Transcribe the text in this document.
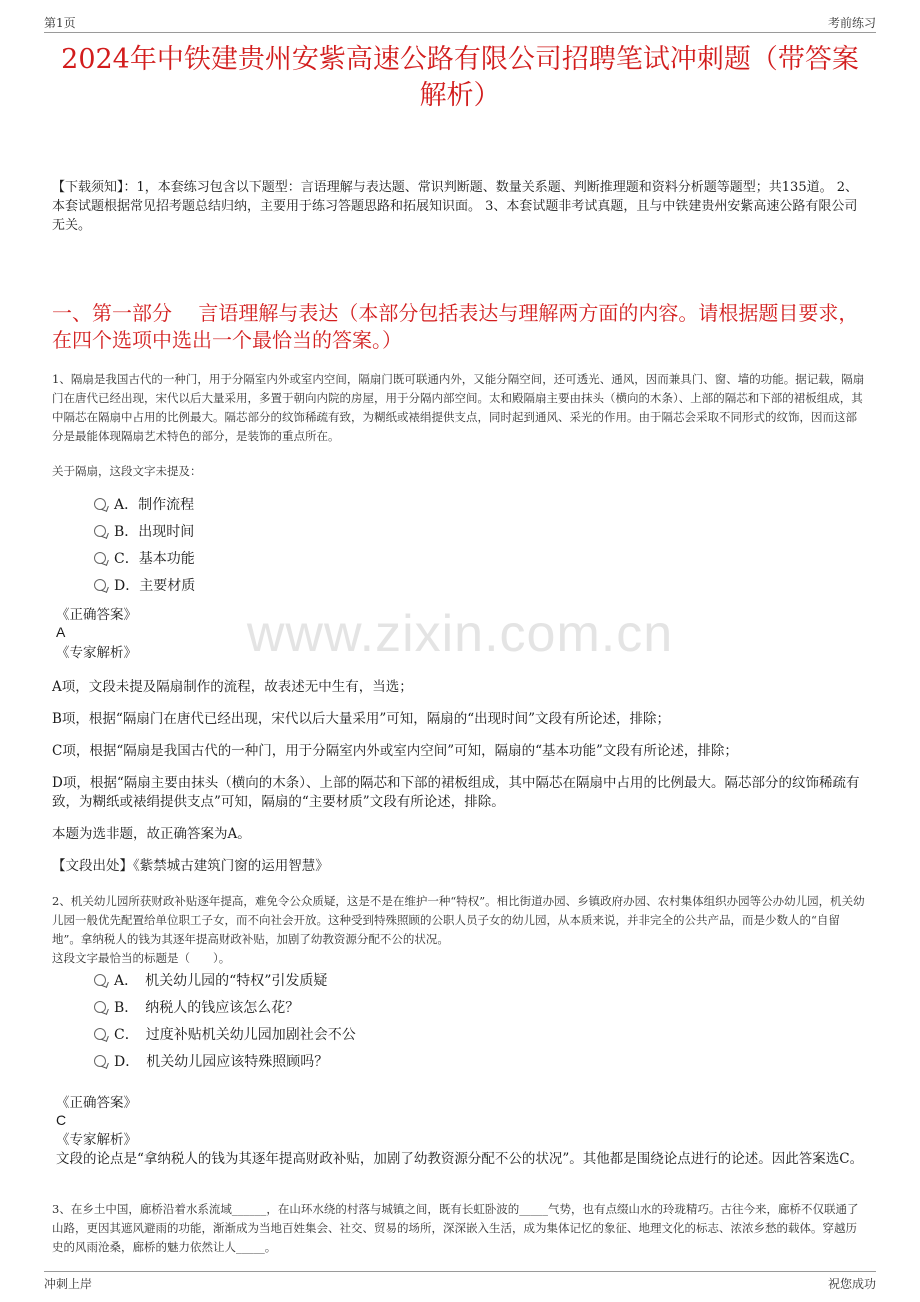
第1页	考前练习
2024年中铁建贵州安紫高速公路有限公司招聘笔试冲刺题（带答案解析）
【下载须知】：1，本套练习包含以下题型：言语理解与表达题、常识判断题、数量关系题、判断推理题和资料分析题等题型；共135道。 2、本套试题根据常见招考题总结归纳，主要用于练习答题思路和拓展知识面。 3、本套试题非考试真题，且与中铁建贵州安紫高速公路有限公司无关。
一、第一部分　 言语理解与表达（本部分包括表达与理解两方面的内容。请根据题目要求，在四个选项中选出一个最恰当的答案。）
www.zixin.com.cn
1、隔扇是我国古代的一种门，用于分隔室内外或室内空间，隔扇门既可联通内外，又能分隔空间，还可透光、通风，因而兼具门、窗、墙的功能。据记载，隔扇门在唐代已经出现，宋代以后大量采用，多置于朝向内院的房屋，用于分隔内部空间。太和殿隔扇主要由抹头（横向的木条）、上部的隔芯和下部的裙板组成，其中隔芯在隔扇中占用的比例最大。隔芯部分的纹饰稀疏有致，为糊纸或裱绢提供支点，同时起到通风、采光的作用。由于隔芯会采取不同形式的纹饰，因而这部分是最能体现隔扇艺术特色的部分，是装饰的重点所在。
关于隔扇，这段文字未提及：
A．制作流程
B．出现时间
C．基本功能
D．主要材质
《正确答案》
A
《专家解析》
A项，文段未提及隔扇制作的流程，故表述无中生有，当选；
B项，根据“隔扇门在唐代已经出现，宋代以后大量采用”可知，隔扇的“出现时间”文段有所论述，排除；
C项，根据“隔扇是我国古代的一种门，用于分隔室内外或室内空间”可知，隔扇的“基本功能”文段有所论述，排除；
D项，根据“隔扇主要由抹头（横向的木条）、上部的隔芯和下部的裙板组成，其中隔芯在隔扇中占用的比例最大。隔芯部分的纹饰稀疏有致，为糊纸或裱绢提供支点”可知，隔扇的“主要材质”文段有所论述，排除。
本题为选非题，故正确答案为A。
【文段出处】《紫禁城古建筑门窗的运用智慧》
2、机关幼儿园所获财政补贴逐年提高，难免令公众质疑，这是不是在维护一种“特权”。相比街道办园、乡镇政府办园、农村集体组织办园等公办幼儿园，机关幼儿园一般优先配置给单位职工子女，而不向社会开放。这种受到特殊照顾的公职人员子女的幼儿园，从本质来说，并非完全的公共产品，而是少数人的“自留地”。拿纳税人的钱为其逐年提高财政补贴，加剧了幼教资源分配不公的状况。
这段文字最恰当的标题是（　　）。
A．　机关幼儿园的“特权”引发质疑
B．　纳税人的钱应该怎么花？
C．　过度补贴机关幼儿园加剧社会不公
D．　机关幼儿园应该特殊照顾吗？
《正确答案》
C
《专家解析》
文段的论点是“拿纳税人的钱为其逐年提高财政补贴，加剧了幼教资源分配不公的状况”。其他都是围绕论点进行的论述。因此答案选C。
3、在乡土中国，廊桥沿着水系流域______，在山环水绕的村落与城镇之间，既有长虹卧波的_____气势，也有点缀山水的玲珑精巧。古往今来，廊桥不仅联通了山路，更因其遮风避雨的功能，渐渐成为当地百姓集会、社交、贸易的场所，深深嵌入生活，成为集体记忆的象征、地理文化的标志、浓浓乡愁的载体。穿越历史的风雨沧桑，廊桥的魅力依然让人_____。
冲刺上岸	祝您成功
